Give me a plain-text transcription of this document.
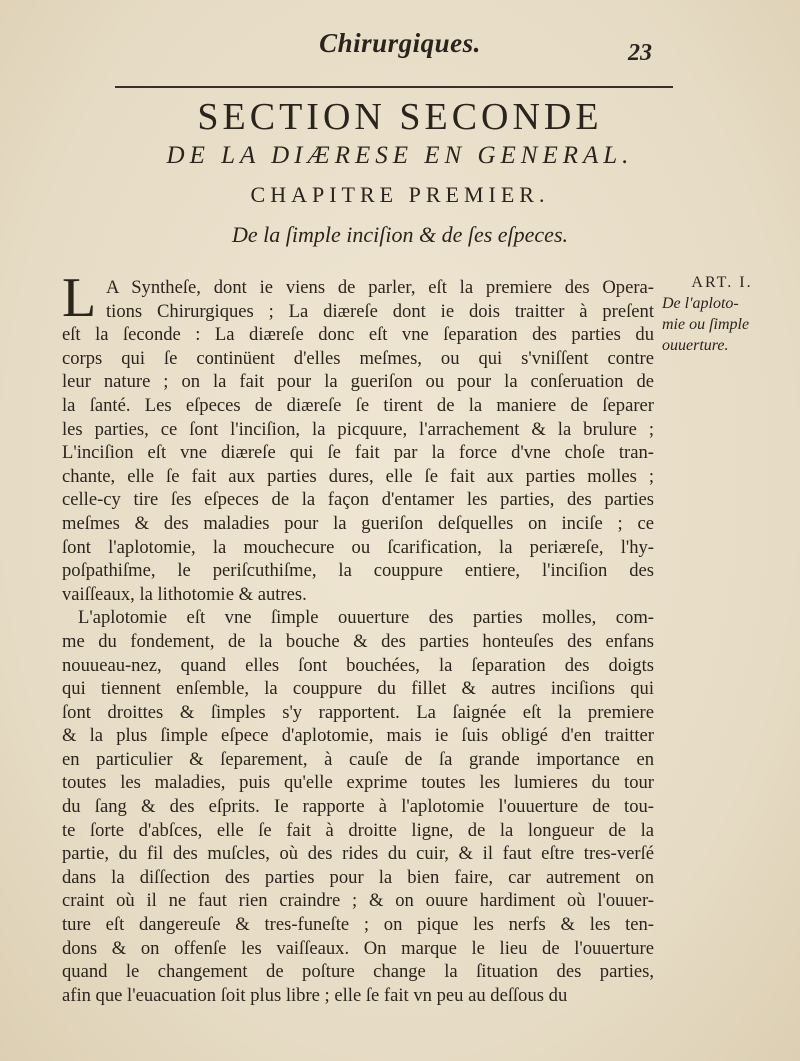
Chirurgiques.	23
SECTION SECONDE
DE LA DIÆRESE EN GENERAL.
CHAPITRE PREMIER.
De la ſimple inciſion & de ſes eſpeces.
L	ART. I.
De l'aploto-
mie ou ſimple
ouuerture.
A Syntheſe, dont ie viens de parler, eſt la premiere des Opera-
tions Chirurgiques ; La diæreſe dont ie dois traitter à preſent
eſt la ſeconde : La diæreſe donc eſt vne ſeparation des parties du
corps qui ſe continüent d'elles meſmes, ou qui s'vniſſent contre
leur nature ; on la fait pour la gueriſon ou pour la conſeruation de
la ſanté. Les eſpeces de diæreſe ſe tirent de la maniere de ſeparer
les parties, ce ſont l'inciſion, la picquure, l'arrachement & la brulure ;
L'inciſion eſt vne diæreſe qui ſe fait par la force d'vne choſe tran-
chante, elle ſe fait aux parties dures, elle ſe fait aux parties molles ;
celle-cy tire ſes eſpeces de la façon d'entamer les parties, des parties
meſmes & des maladies pour la gueriſon deſquelles on inciſe ; ce
ſont l'aplotomie, la mouchecure ou ſcarification, la periæreſe, l'hy-
poſpathiſme, le periſcuthiſme, la couppure entiere, l'inciſion des
vaiſſeaux, la lithotomie & autres.
L'aplotomie eſt vne ſimple ouuerture des parties molles, com-
me du fondement, de la bouche & des parties honteuſes des enfans
nouueau-nez, quand elles ſont bouchées, la ſeparation des doigts
qui tiennent enſemble, la couppure du fillet & autres inciſions qui
ſont droittes & ſimples s'y rapportent. La ſaignée eſt la premiere
& la plus ſimple eſpece d'aplotomie, mais ie ſuis obligé d'en traitter
en particulier & ſeparement, à cauſe de ſa grande importance en
toutes les maladies, puis qu'elle exprime toutes les lumieres du tour
du ſang & des eſprits. Ie rapporte à l'aplotomie l'ouuerture de tou-
te ſorte d'abſces, elle ſe fait à droitte ligne, de la longueur de la
partie, du fil des muſcles, où des rides du cuir, & il faut eſtre tres-verſé
dans la diſſection des parties pour la bien faire, car autrement on
craint où il ne faut rien craindre ; & on ouure hardiment où l'ouuer-
ture eſt dangereuſe & tres-funeſte ; on pique les nerfs & les ten-
dons & on offenſe les vaiſſeaux. On marque le lieu de l'ouuerture
quand le changement de poſture change la ſituation des parties,
afin que l'euacuation ſoit plus libre ; elle ſe fait vn peu au deſſous du
